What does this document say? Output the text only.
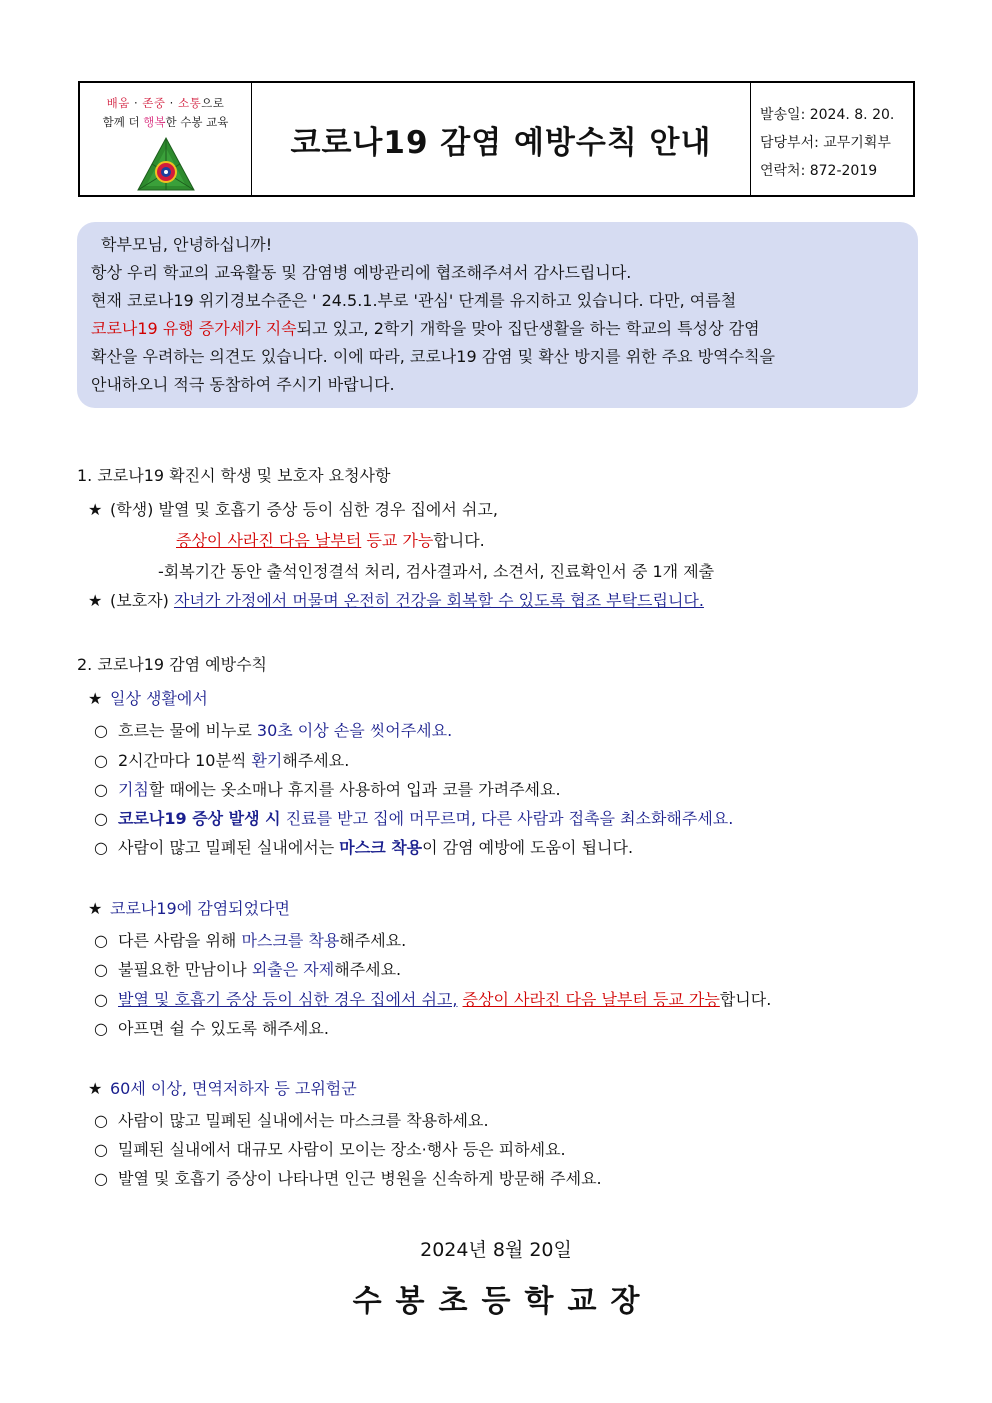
배움 · 존중 · 소통으로
함께 더 행복한 수봉 교육
코로나19 감염 예방수칙 안내
발송일: 2024. 8. 20.
담당부서: 교무기획부
연락처: 872-2019

학부모님, 안녕하십니까!

항상 우리 학교의 교육활동 및 감염병 예방관리에 협조해주셔서 감사드립니다.

현재 코로나19 위기경보수준은 ' 24.5.1.부로 '관심' 단계를 유지하고 있습니다. 다만, 여름철

코로나19 유행 증가세가 지속되고 있고, 2학기 개학을 맞아 집단생활을 하는 학교의 특성상 감염

확산을 우려하는 의견도 있습니다. 이에 따라, 코로나19 감염 및 확산 방지를 위한 주요 방역수칙을

안내하오니 적극 동참하여 주시기 바랍니다.

1. 코로나19 확진시 학생 및 보호자 요청사항
★ (학생) 발열 및 호흡기 증상 등이 심한 경우 집에서 쉬고,
증상이 사라진 다음 날부터 등교 가능합니다.
-회복기간 동안 출석인정결석 처리, 검사결과서, 소견서, 진료확인서 중 1개 제출
★ (보호자) 자녀가 가정에서 머물며 온전히 건강을 회복할 수 있도록 협조 부탁드립니다.
2. 코로나19 감염 예방수칙
★ 일상 생활에서
○ 흐르는 물에 비누로 30초 이상 손을 씻어주세요.
○ 2시간마다 10분씩 환기해주세요.
○ 기침할 때에는 옷소매나 휴지를 사용하여 입과 코를 가려주세요.
○ 코로나19 증상 발생 시 진료를 받고 집에 머무르며, 다른 사람과 접촉을 최소화해주세요.
○ 사람이 많고 밀폐된 실내에서는 마스크 착용이 감염 예방에 도움이 됩니다.
★ 코로나19에 감염되었다면
○ 다른 사람을 위해 마스크를 착용해주세요.
○ 불필요한 만남이나 외출은 자제해주세요.
○ 발열 및 호흡기 증상 등이 심한 경우 집에서 쉬고, 증상이 사라진 다음 날부터 등교 가능합니다.
○ 아프면 쉴 수 있도록 해주세요.
★ 60세 이상, 면역저하자 등 고위험군
○ 사람이 많고 밀폐된 실내에서는 마스크를 착용하세요.
○ 밀폐된 실내에서 대규모 사람이 모이는 장소·행사 등은 피하세요.
○ 발열 및 호흡기 증상이 나타나면 인근 병원을 신속하게 방문해 주세요.
2024년 8월 20일
수봉초등학교장
